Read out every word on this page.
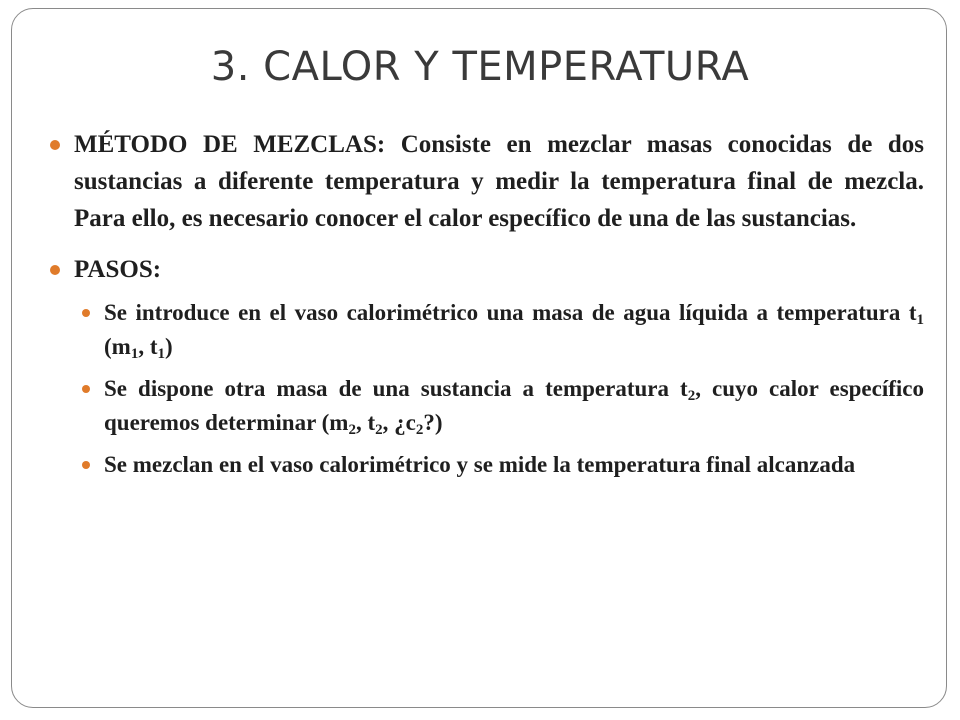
3. CALOR Y TEMPERATURA
MÉTODO DE MEZCLAS: Consiste en mezclar masas conocidas de dos sustancias a diferente temperatura y medir la temperatura final de mezcla. Para ello, es necesario conocer el calor específico de una de las sustancias.
PASOS:
Se introduce en el vaso calorimétrico una masa de agua líquida a temperatura $t_1$ ($m_1$, $t_1$)
Se dispone otra masa de una sustancia a temperatura $t_2$, cuyo calor específico queremos determinar ($m_2$, $t_2$, ¿$c_2$?)
Se mezclan en el vaso calorimétrico y se mide la temperatura final alcanzada
